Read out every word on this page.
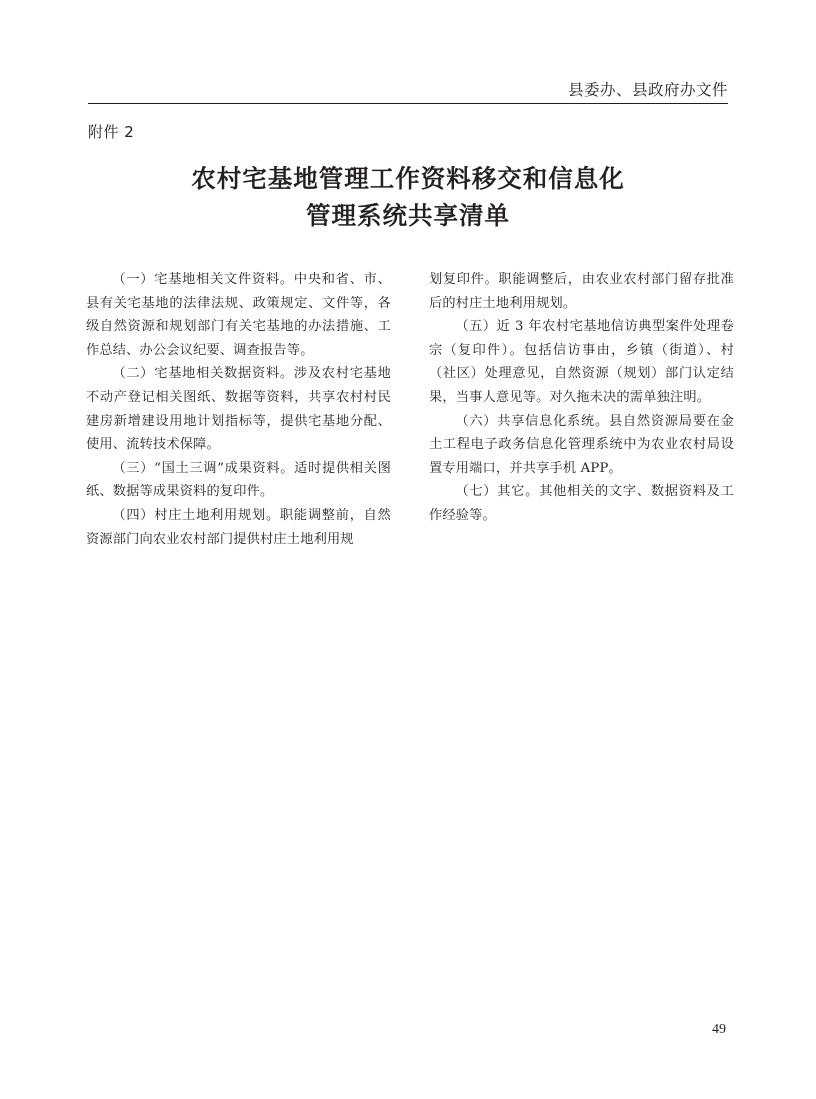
县委办、县政府办文件
附件 2
农村宅基地管理工作资料移交和信息化
管理系统共享清单

（一）宅基地相关文件资料。中央和省、市、县有关宅基地的法律法规、政策规定、文件等，各级自然资源和规划部门有关宅基地的办法措施、工作总结、办公会议纪要、调查报告等。

（二）宅基地相关数据资料。涉及农村宅基地不动产登记相关图纸、数据等资料，共享农村村民建房新增建设用地计划指标等，提供宅基地分配、使用、流转技术保障。

（三）“国土三调”成果资料。适时提供相关图纸、数据等成果资料的复印件。

（四）村庄土地利用规划。职能调整前，自然资源部门向农业农村部门提供村庄土地利用规

划复印件。职能调整后，由农业农村部门留存批准后的村庄土地利用规划。

（五）近 3 年农村宅基地信访典型案件处理卷宗（复印件）。包括信访事由，乡镇（街道）、村（社区）处理意见，自然资源（规划）部门认定结果，当事人意见等。对久拖未决的需单独注明。

（六）共享信息化系统。县自然资源局要在金土工程电子政务信息化管理系统中为农业农村局设置专用端口，并共享手机 APP。

（七）其它。其他相关的文字、数据资料及工作经验等。

49
